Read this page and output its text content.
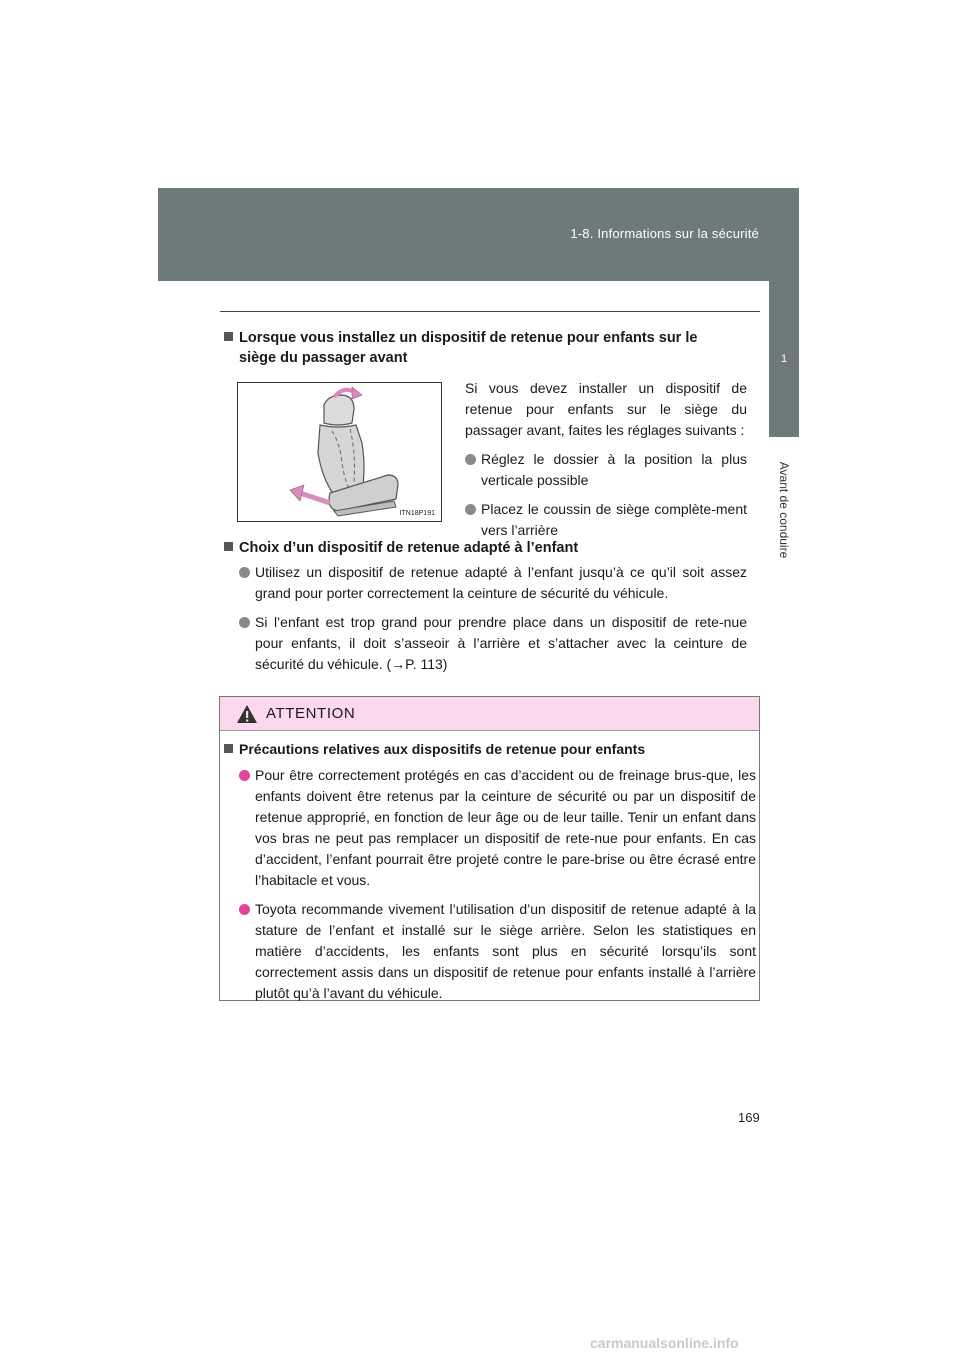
1-8. Informations sur la sécurité
1
Avant de conduire
Lorsque vous installez un dispositif de retenue pour enfants sur le
siège du passager avant
ITN18P191

Si vous devez installer un dispositif de retenue pour enfants sur le siège du passager avant, faites les réglages suivants :

Réglez le dossier à la position la plus verticale possible
Placez le coussin de siège complète-ment vers l’arrière
Choix d’un dispositif de retenue adapté à l’enfant
Utilisez un dispositif de retenue adapté à l’enfant jusqu’à ce qu’il soit assez grand pour porter correctement la ceinture de sécurité du véhicule.
Si l’enfant est trop grand pour prendre place dans un dispositif de rete-nue pour enfants, il doit s’asseoir à l’arrière et s’attacher avec la ceinture de sécurité du véhicule. (→P. 113)
ATTENTION
Précautions relatives aux dispositifs de retenue pour enfants
Pour être correctement protégés en cas d’accident ou de freinage brus-que, les enfants doivent être retenus par la ceinture de sécurité ou par un dispositif de retenue approprié, en fonction de leur âge ou de leur taille. Tenir un enfant dans vos bras ne peut pas remplacer un dispositif de rete-nue pour enfants. En cas d’accident, l’enfant pourrait être projeté contre le pare-brise ou être écrasé entre l’habitacle et vous.
Toyota recommande vivement l’utilisation d’un dispositif de retenue adapté à la stature de l’enfant et installé sur le siège arrière. Selon les statistiques en matière d’accidents, les enfants sont plus en sécurité lorsqu’ils sont correctement assis dans un dispositif de retenue pour enfants installé à l’arrière plutôt qu’à l’avant du véhicule.
169
carmanualsonline.info
